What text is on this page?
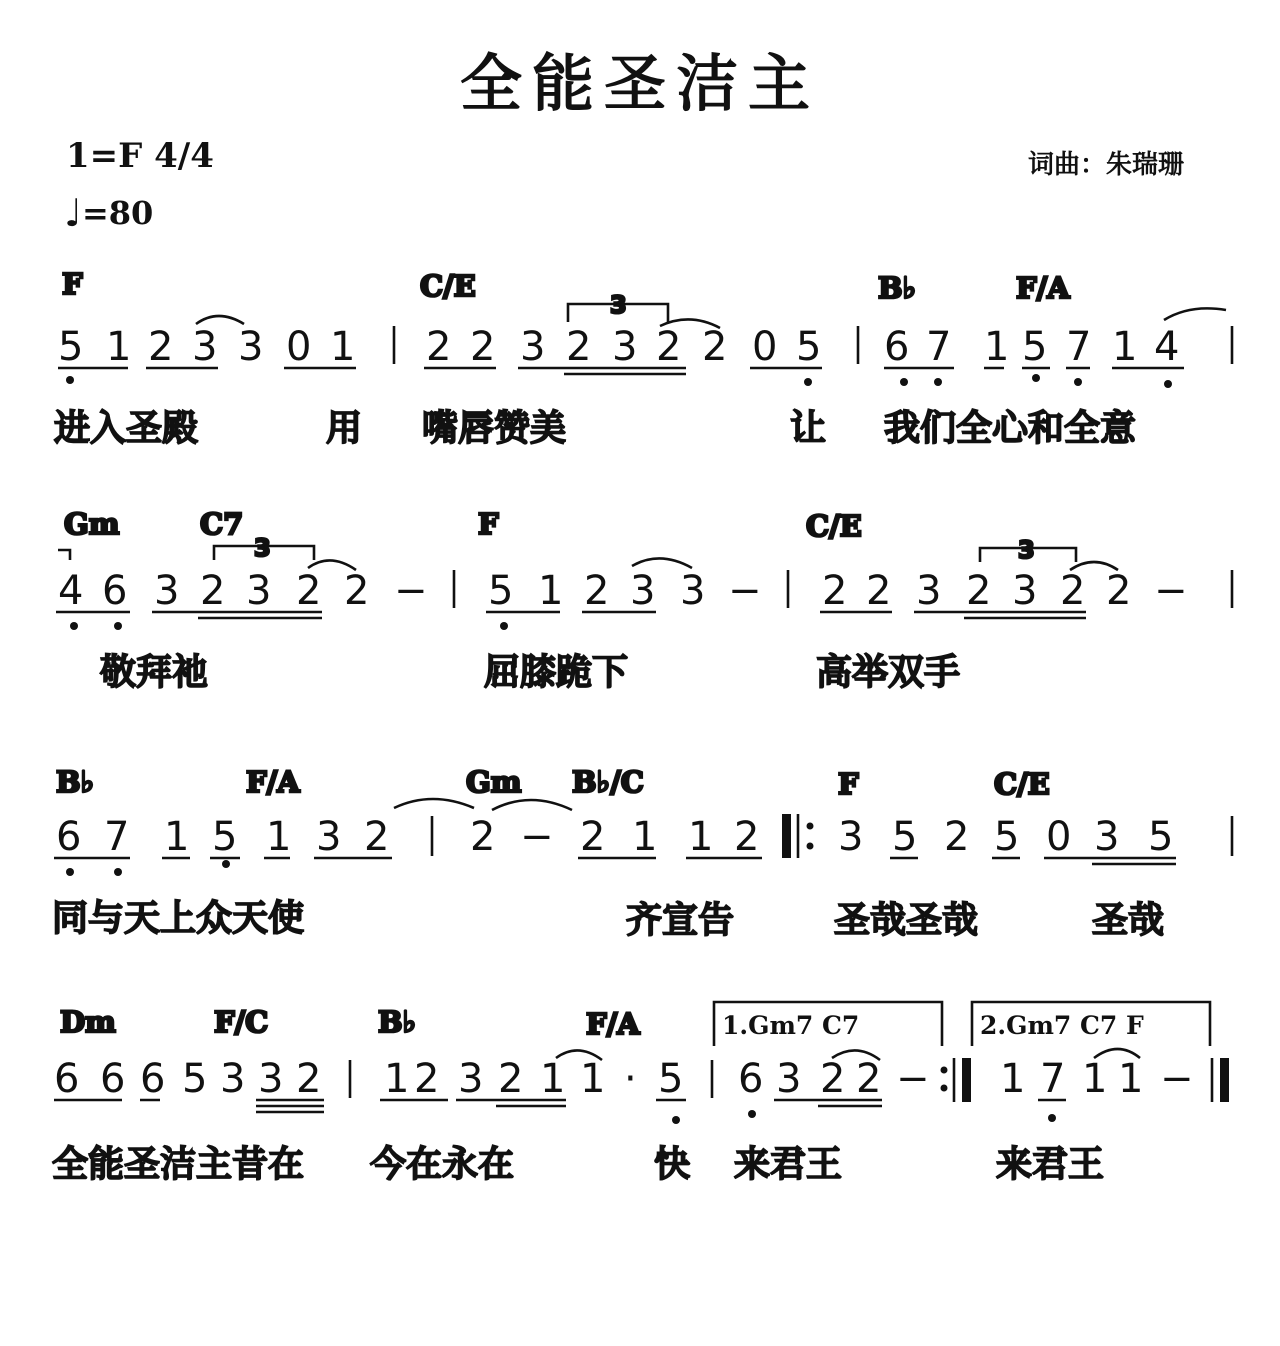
全能圣洁主
1=F 4/4
♩=80
词曲：朱瑞珊
F	C/E	B♭	F/A
5 1 2 3 3 0 1 2 2 3 2 3 2 2 0 5 6 7 1 5 7 1 4
3
进入圣殿	用 嘴唇赞美	让 我们全心和全意
Gm	C7	F	C/E
4 6 3 2 3 2 2 − 5 1 2 3 3 − 2 2 3 2 3 2 2 −
3	3
敬拜祂	屈膝跪下	高举双手
B♭	F/A	Gm B♭/C	F	C/E
6 7 1 5 1 3 2 2 − 2 1 1 2 3 5 2 5 0 3 5
同与天上众天使	齐宣告	圣哉圣哉	圣哉
Dm	F/C	B♭	F/A	1.Gm7 C7	2.Gm7 C7 F
6 6 6 5 3 3 2 1 2 3 2 1 1 · 5 6 3 2 2 − 1 7 1 1 −
全能圣洁主昔在 今在永在	快 来君王	来君王
